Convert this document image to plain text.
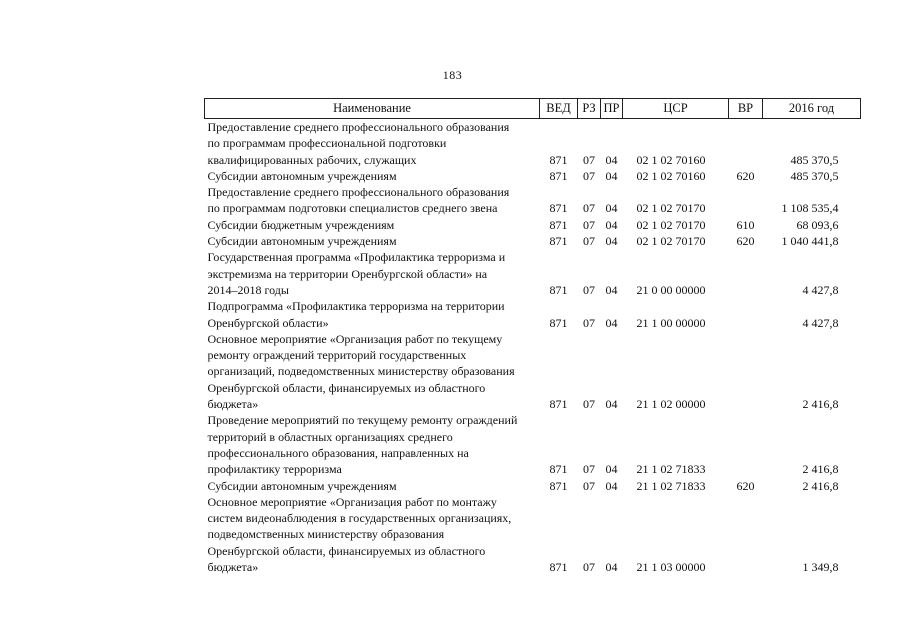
183
Наименование	ВЕД	РЗ	ПР	ЦСР	ВР	2016 год
Предоставление среднего профессионального образования
по программам профессиональной подготовки
квалифицированных рабочих, служащих	871	07	04	02 1 02 70160		485 370,5
Субсидии автономным учреждениям	871	07	04	02 1 02 70160	620	485 370,5
Предоставление среднего профессионального образования
по программам подготовки специалистов среднего звена	871	07	04	02 1 02 70170		1 108 535,4
Субсидии бюджетным учреждениям	871	07	04	02 1 02 70170	610	68 093,6
Субсидии автономным учреждениям	871	07	04	02 1 02 70170	620	1 040 441,8
Государственная программа «Профилактика терроризма и
экстремизма на территории Оренбургской области» на
2014–2018 годы	871	07	04	21 0 00 00000		4 427,8
Подпрограмма «Профилактика терроризма на территории
Оренбургской области»	871	07	04	21 1 00 00000		4 427,8
Основное мероприятие «Организация работ по текущему
ремонту ограждений территорий государственных
организаций, подведомственных министерству образования
Оренбургской области, финансируемых из областного
бюджета»	871	07	04	21 1 02 00000		2 416,8
Проведение мероприятий по текущему ремонту ограждений
территорий в областных организациях среднего
профессионального образования, направленных на
профилактику терроризма	871	07	04	21 1 02 71833		2 416,8
Субсидии автономным учреждениям	871	07	04	21 1 02 71833	620	2 416,8
Основное мероприятие «Организация работ по монтажу
систем видеонаблюдения в государственных организациях,
подведомственных министерству образования
Оренбургской области, финансируемых из областного
бюджета»	871	07	04	21 1 03 00000		1 349,8
